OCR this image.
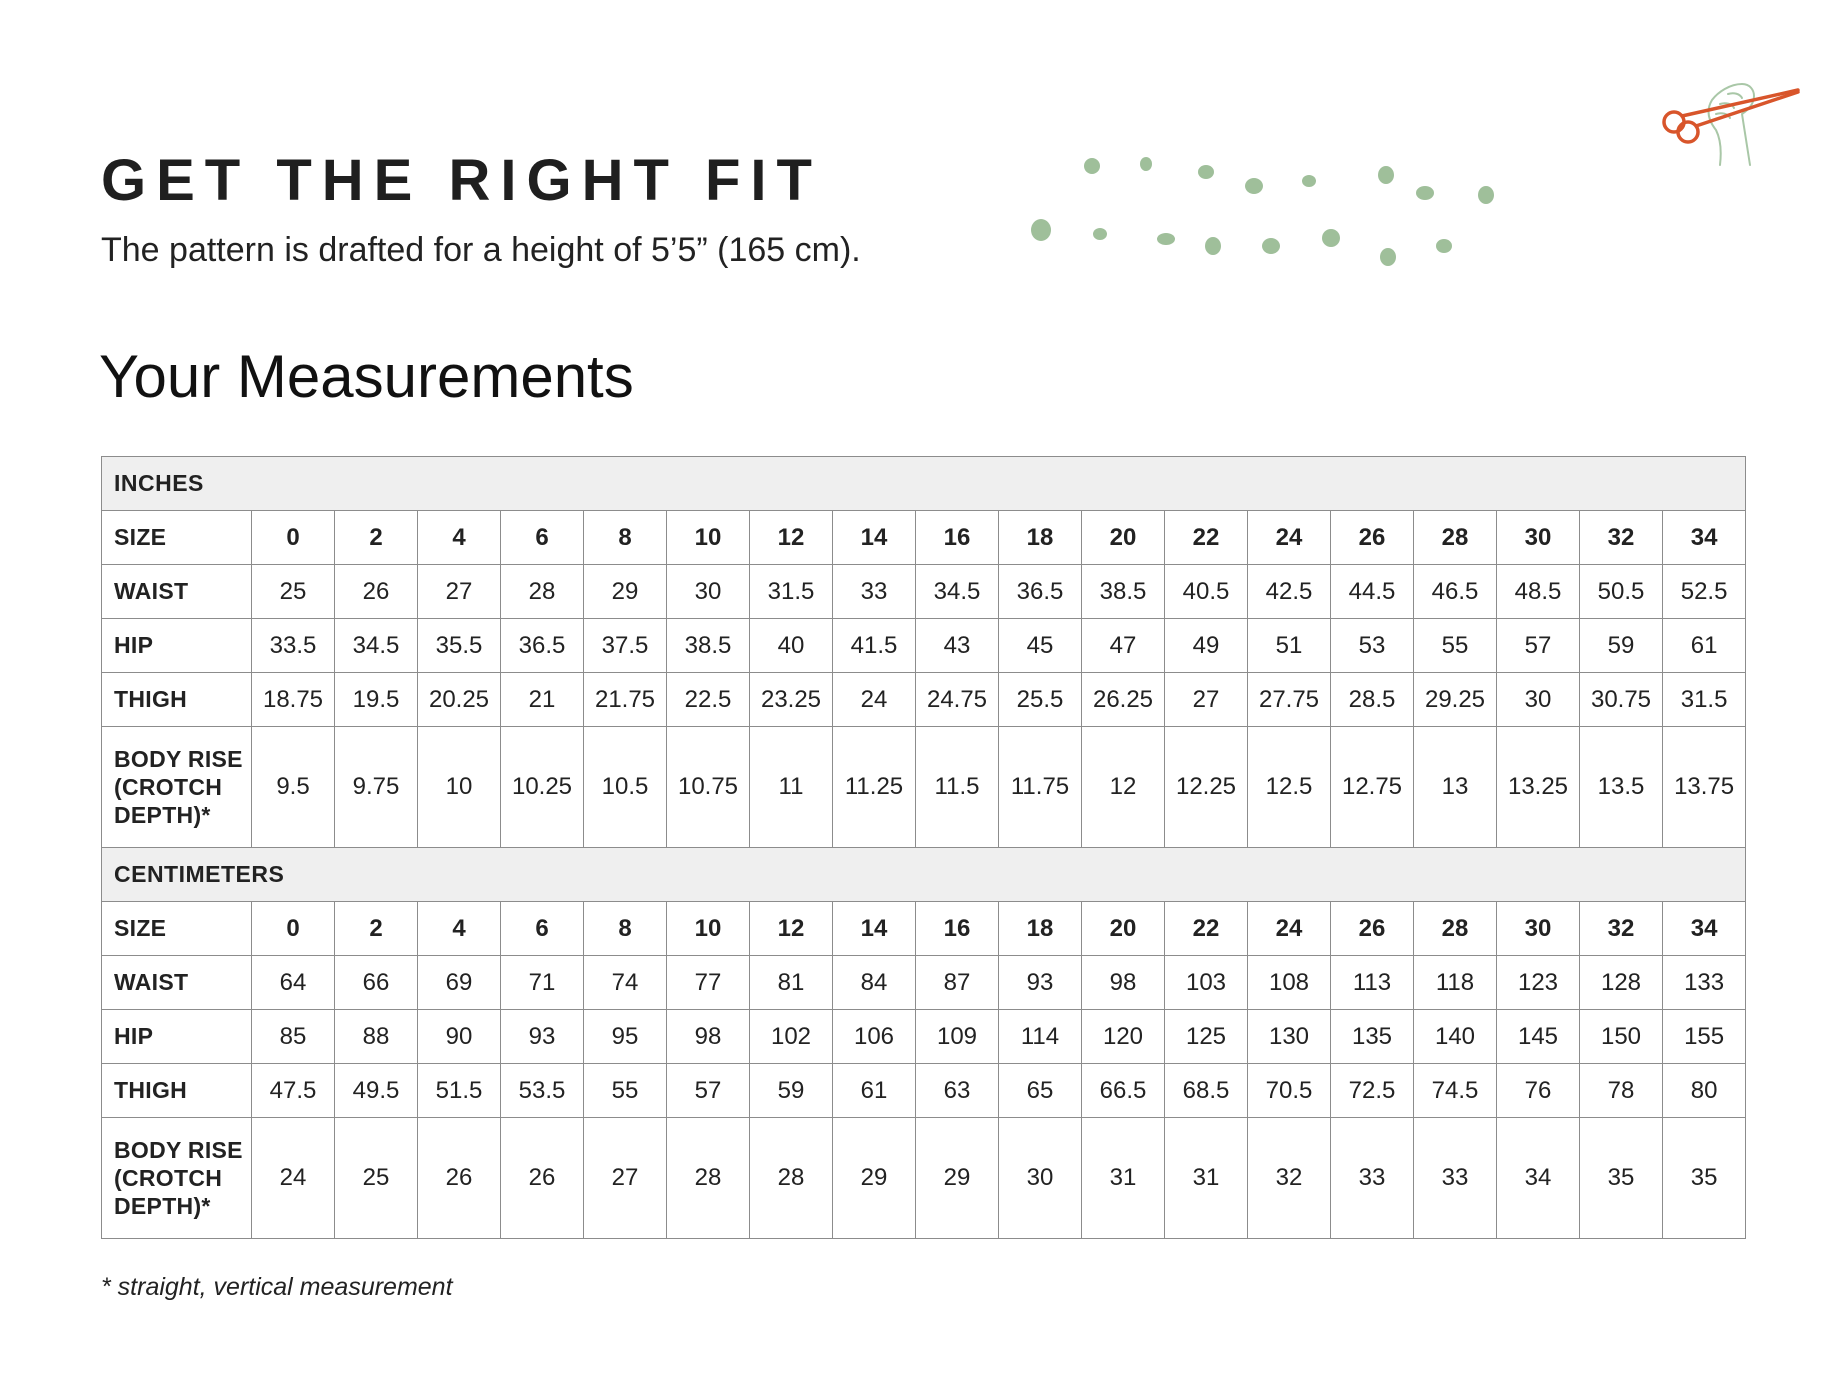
GET THE RIGHT FIT

The pattern is drafted for a height of 5’5” (165 cm).

Your Measurements
INCHES																		
SIZE	0	2	4	6	8	10	12	14	16	18	20	22	24	26	28	30	32	34
WAIST	25	26	27	28	29	30	31.5	33	34.5	36.5	38.5	40.5	42.5	44.5	46.5	48.5	50.5	52.5
HIP	33.5	34.5	35.5	36.5	37.5	38.5	40	41.5	43	45	47	49	51	53	55	57	59	61
THIGH	18.75	19.5	20.25	21	21.75	22.5	23.25	24	24.75	25.5	26.25	27	27.75	28.5	29.25	30	30.75	31.5
BODY RISE
(CROTCH
DEPTH)*	9.5	9.75	10	10.25	10.5	10.75	11	11.25	11.5	11.75	12	12.25	12.5	12.75	13	13.25	13.5	13.75
CENTIMETERS																		
SIZE	0	2	4	6	8	10	12	14	16	18	20	22	24	26	28	30	32	34
WAIST	64	66	69	71	74	77	81	84	87	93	98	103	108	113	118	123	128	133
HIP	85	88	90	93	95	98	102	106	109	114	120	125	130	135	140	145	150	155
THIGH	47.5	49.5	51.5	53.5	55	57	59	61	63	65	66.5	68.5	70.5	72.5	74.5	76	78	80
BODY RISE
(CROTCH
DEPTH)*	24	25	26	26	27	28	28	29	29	30	31	31	32	33	33	34	35	35

* straight, vertical measurement
